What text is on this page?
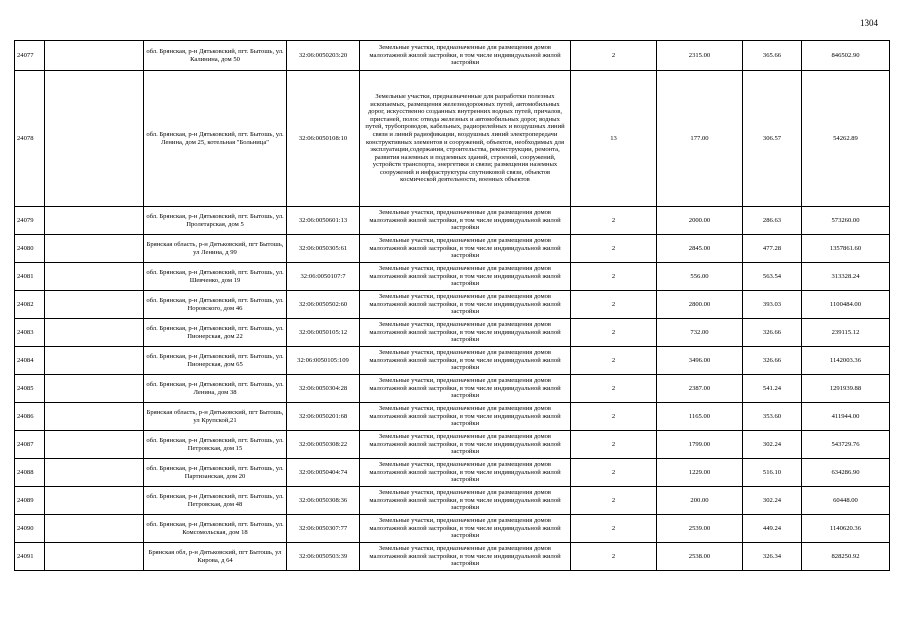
1304
24077		обл. Брянская, р-н Дятьковский, пгт. Бытошь, ул. Калинина, дом 50	32:06:0050203:20	Земельные участки, предназначенные для размещения домов малоэтажной жилой застройки, в том числе индивидуальной жилой застройки	2	2315.00	365.66	846502.90
24078		обл. Брянская, р-н Дятьковский, пгт. Бытошь, ул. Ленина, дом 25, котельная "Больница"	32:06:0050108:10	Земельные участки, предназначенные для разработки полезных ископаемых, размещения железнодорожных путей, автомобильных дорог, искусственно созданных внутренних водных путей, причалов, пристаней, полос отвода железных и автомобильных дорог, водных путей, трубопроводов, кабельных, радиорелейных и воздушных линий связи и линий радиофикации, воздушных линий электропередачи конструктивных элементов и сооружений, объектов, необходимых для эксплуатации,содержания, строительства, реконструкции, ремонта, развития наземных и подземных зданий, строений, сооружений, устройств транспорта, энергетики и связи; размещения наземных сооружений и инфраструктуры спутниковой связи, объектов космической деятельности, военных объектов	13	177.00	306.57	54262.89
24079		обл. Брянская, р-н Дятьковский, пгт. Бытошь, ул. Пролетарская, дом 5	32:06:0050601:13	Земельные участки, предназначенные для размещения домов малоэтажной жилой застройки, в том числе индивидуальной жилой застройки	2	2000.00	286.63	573260.00
24080		Брянская область, р-н Дятьковский, пгт Бытошь, ул Ленина, д 99	32:06:0050305:61	Земельные участки, предназначенные для размещения домов малоэтажной жилой застройки, в том числе индивидуальной жилой застройки	2	2845.00	477.28	1357861.60
24081		обл. Брянская, р-н Дятьковский, пгт. Бытошь, ул. Шевченко, дом 19	32:06:0050107:7	Земельные участки, предназначенные для размещения домов малоэтажной жилой застройки, в том числе индивидуальной жилой застройки	2	556.00	563.54	313328.24
24082		обл. Брянская, р-н Дятьковский, пгт. Бытошь, ул. Норовского, дом 46	32:06:0050502:60	Земельные участки, предназначенные для размещения домов малоэтажной жилой застройки, в том числе индивидуальной жилой застройки	2	2800.00	393.03	1100484.00
24083		обл. Брянская, р-н Дятьковский, пгт. Бытошь, ул. Пионерская, дом 22	32:06:0050105:12	Земельные участки, предназначенные для размещения домов малоэтажной жилой застройки, в том числе индивидуальной жилой застройки	2	732.00	326.66	239115.12
24084		обл. Брянская, р-н Дятьковский, пгт. Бытошь, ул. Пионерская, дом 65	32:06:0050105:109	Земельные участки, предназначенные для размещения домов малоэтажной жилой застройки, в том числе индивидуальной жилой застройки	2	3496.00	326.66	1142003.36
24085		обл. Брянская, р-н Дятьковский, пгт. Бытошь, ул. Ленина, дом 38	32:06:0050304:28	Земельные участки, предназначенные для размещения домов малоэтажной жилой застройки, в том числе индивидуальной жилой застройки	2	2387.00	541.24	1291939.88
24086		Брянская область, р-н Дятьковский, пгт Бытошь, ул Крупской,21	32:06:0050201:68	Земельные участки, предназначенные для размещения домов малоэтажной жилой застройки, в том числе индивидуальной жилой застройки	2	1165.00	353.60	411944.00
24087		обл. Брянская, р-н Дятьковский, пгт. Бытошь, ул. Петровская, дом 15	32:06:0050308:22	Земельные участки, предназначенные для размещения домов малоэтажной жилой застройки, в том числе индивидуальной жилой застройки	2	1799.00	302.24	543729.76
24088		обл. Брянская, р-н Дятьковский, пгт. Бытошь, ул. Партизанская, дом 20	32:06:0050404:74	Земельные участки, предназначенные для размещения домов малоэтажной жилой застройки, в том числе индивидуальной жилой застройки	2	1229.00	516.10	634286.90
24089		обл. Брянская, р-н Дятьковский, пгт. Бытошь, ул. Петровская, дом 48	32:06:0050308:36	Земельные участки, предназначенные для размещения домов малоэтажной жилой застройки, в том числе индивидуальной жилой застройки	2	200.00	302.24	60448.00
24090		обл. Брянская, р-н Дятьковский, пгт. Бытошь, ул. Комсомольская, дом 18	32:06:0050307:77	Земельные участки, предназначенные для размещения домов малоэтажной жилой застройки, в том числе индивидуальной жилой застройки	2	2539.00	449.24	1140620.36
24091		Брянская обл, р-н Дятьковский, пгт Бытошь, ул Кирова, д 64	32:06:0050503:39	Земельные участки, предназначенные для размещения домов малоэтажной жилой застройки, в том числе индивидуальной жилой застройки	2	2538.00	326.34	828250.92
